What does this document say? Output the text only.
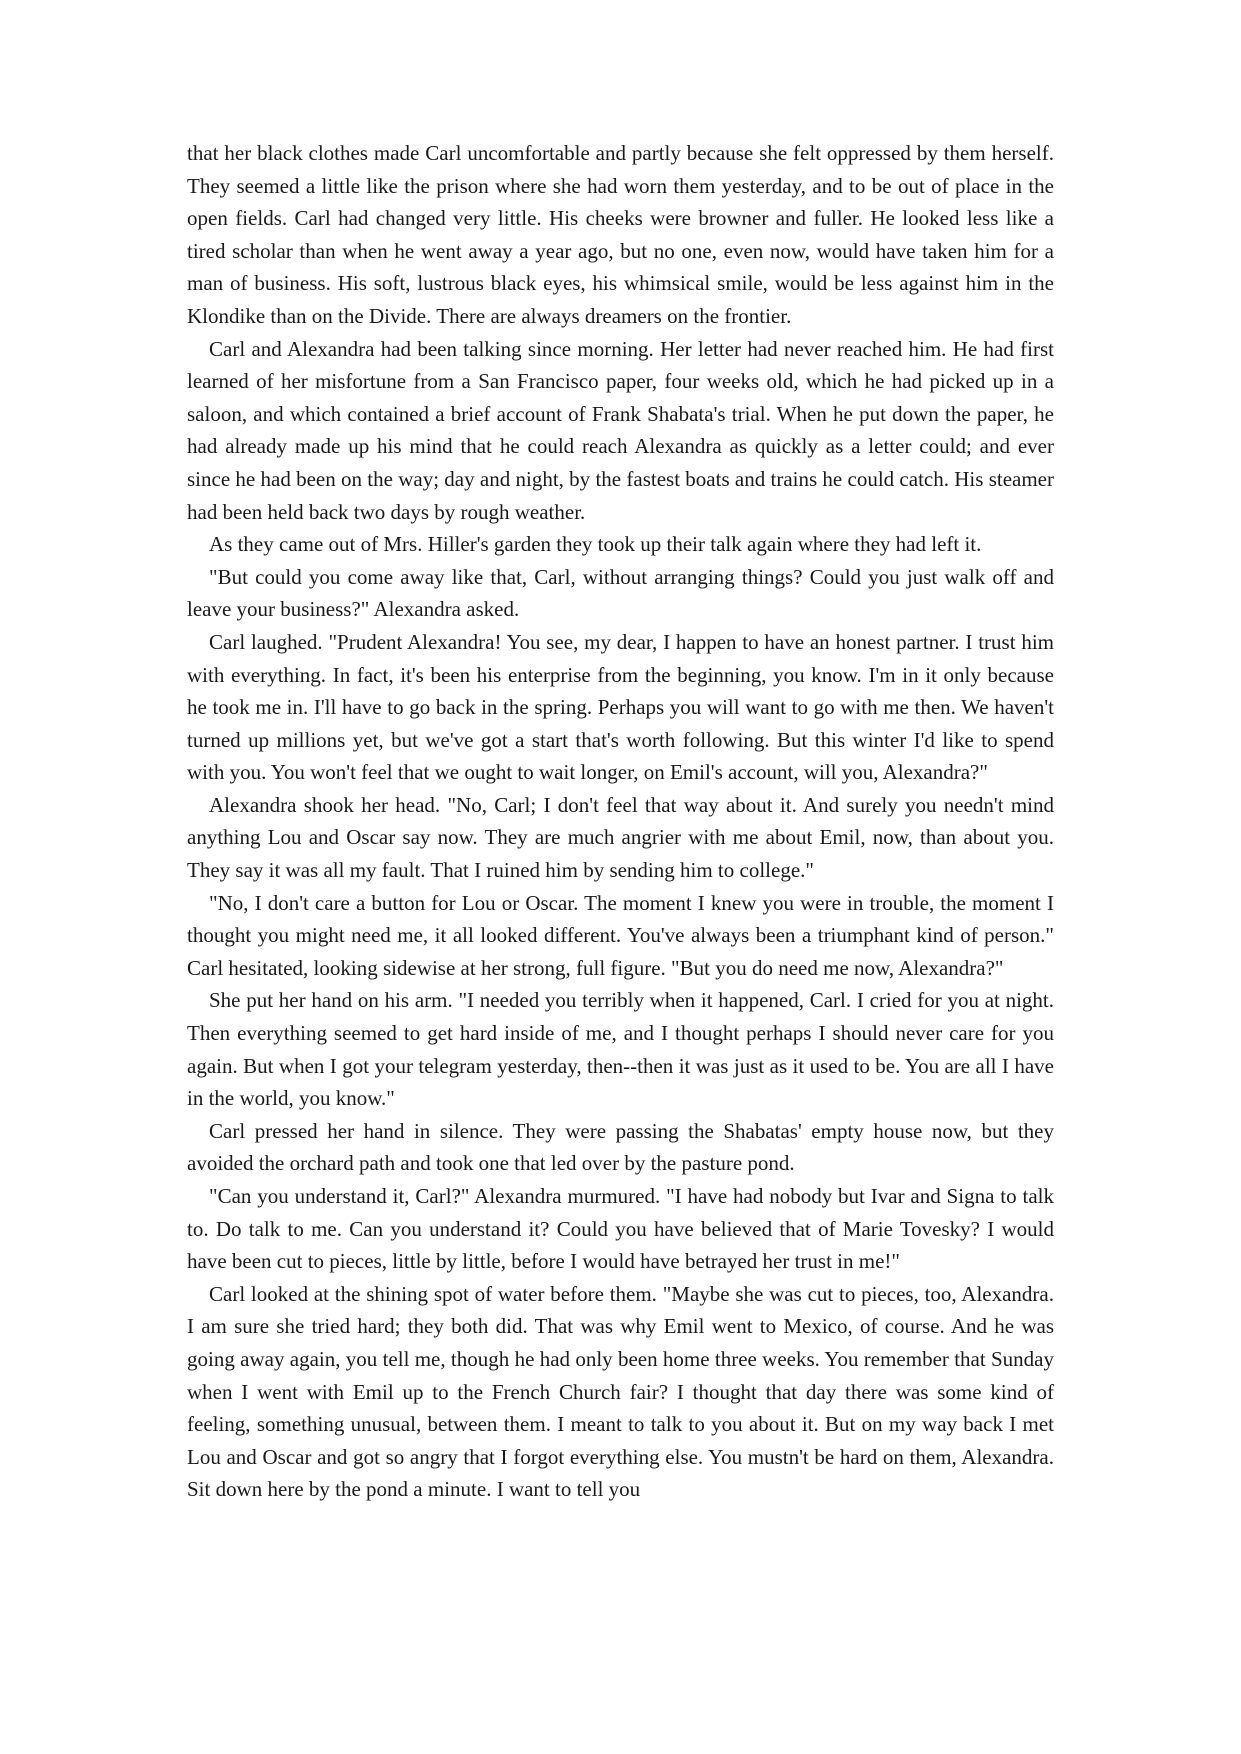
that her black clothes made Carl uncomfortable and partly because she felt oppressed by them herself. They seemed a little like the prison where she had worn them yesterday, and to be out of place in the open fields. Carl had changed very little. His cheeks were browner and fuller. He looked less like a tired scholar than when he went away a year ago, but no one, even now, would have taken him for a man of business. His soft, lustrous black eyes, his whimsical smile, would be less against him in the Klondike than on the Divide. There are always dreamers on the frontier.

Carl and Alexandra had been talking since morning. Her letter had never reached him. He had first learned of her misfortune from a San Francisco paper, four weeks old, which he had picked up in a saloon, and which contained a brief account of Frank Shabata's trial. When he put down the paper, he had already made up his mind that he could reach Alexandra as quickly as a letter could; and ever since he had been on the way; day and night, by the fastest boats and trains he could catch. His steamer had been held back two days by rough weather.

As they came out of Mrs. Hiller's garden they took up their talk again where they had left it.

"But could you come away like that, Carl, without arranging things? Could you just walk off and leave your business?" Alexandra asked.

Carl laughed. "Prudent Alexandra! You see, my dear, I happen to have an honest partner. I trust him with everything. In fact, it's been his enterprise from the beginning, you know. I'm in it only because he took me in. I'll have to go back in the spring. Perhaps you will want to go with me then. We haven't turned up millions yet, but we've got a start that's worth following. But this winter I'd like to spend with you. You won't feel that we ought to wait longer, on Emil's account, will you, Alexandra?"

Alexandra shook her head. "No, Carl; I don't feel that way about it. And surely you needn't mind anything Lou and Oscar say now. They are much angrier with me about Emil, now, than about you. They say it was all my fault. That I ruined him by sending him to college."

"No, I don't care a button for Lou or Oscar. The moment I knew you were in trouble, the moment I thought you might need me, it all looked different. You've always been a triumphant kind of person." Carl hesitated, looking sidewise at her strong, full figure. "But you do need me now, Alexandra?"

She put her hand on his arm. "I needed you terribly when it happened, Carl. I cried for you at night. Then everything seemed to get hard inside of me, and I thought perhaps I should never care for you again. But when I got your telegram yesterday, then--then it was just as it used to be. You are all I have in the world, you know."

Carl pressed her hand in silence. They were passing the Shabatas' empty house now, but they avoided the orchard path and took one that led over by the pasture pond.

"Can you understand it, Carl?" Alexandra murmured. "I have had nobody but Ivar and Signa to talk to. Do talk to me. Can you understand it? Could you have believed that of Marie Tovesky? I would have been cut to pieces, little by little, before I would have betrayed her trust in me!"

Carl looked at the shining spot of water before them. "Maybe she was cut to pieces, too, Alexandra. I am sure she tried hard; they both did. That was why Emil went to Mexico, of course. And he was going away again, you tell me, though he had only been home three weeks. You remember that Sunday when I went with Emil up to the French Church fair? I thought that day there was some kind of feeling, something unusual, between them. I meant to talk to you about it. But on my way back I met Lou and Oscar and got so angry that I forgot everything else. You mustn't be hard on them, Alexandra. Sit down here by the pond a minute. I want to tell you
